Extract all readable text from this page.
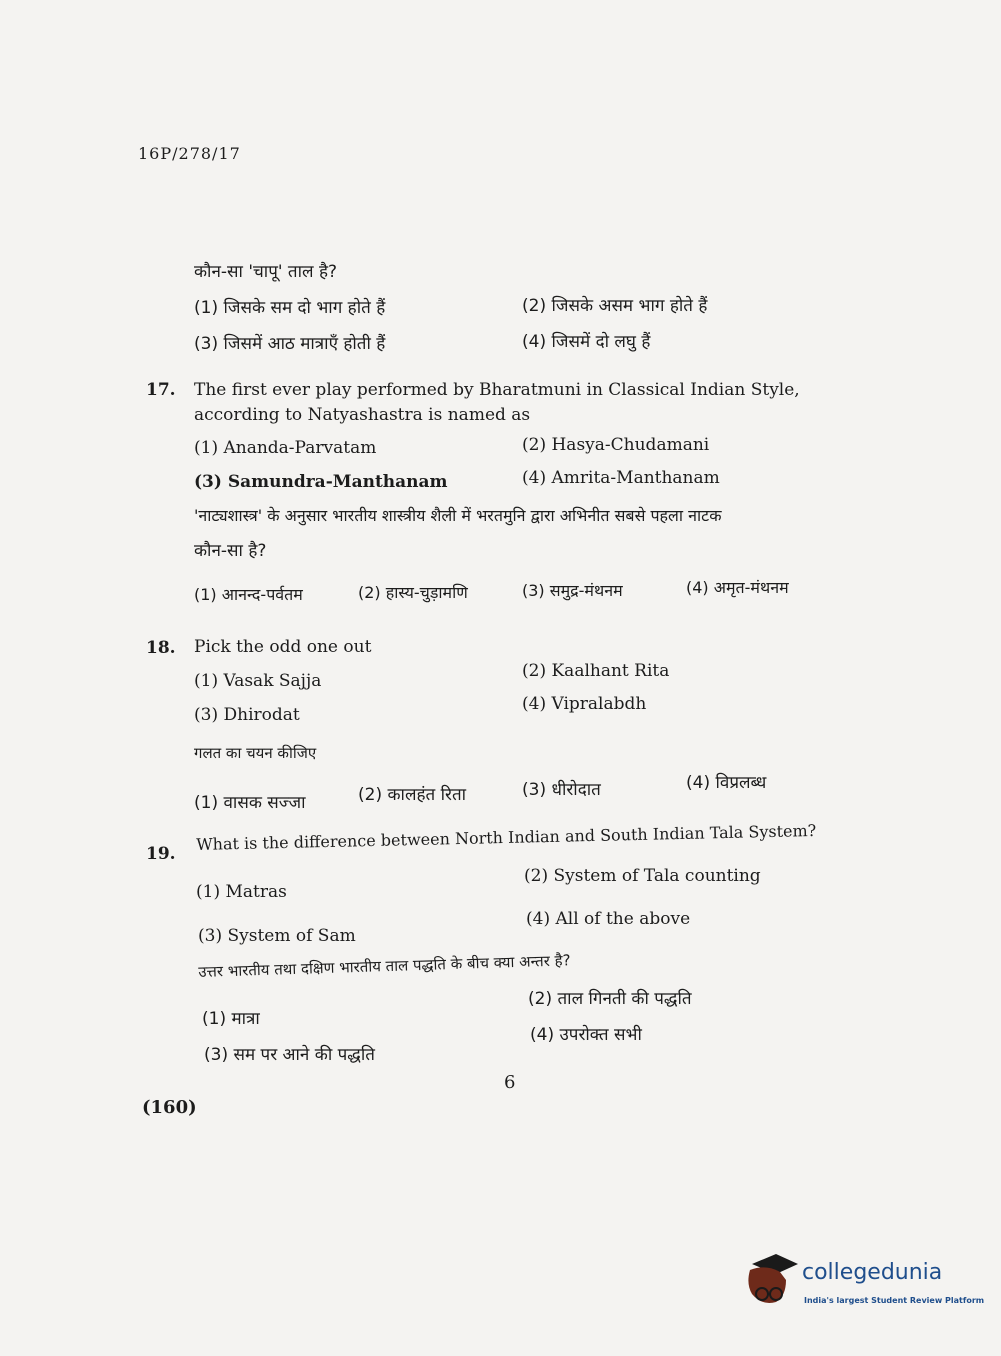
16P/278/17
कौन-सा 'चापू' ताल है?
(1) जिसके सम दो भाग होते हैं	(2) जिसके असम भाग होते हैं
(3) जिसमें आठ मात्राएँ होती हैं	(4) जिसमें दो लघु हैं
17. The first ever play performed by Bharatmuni in Classical Indian Style,
according to Natyashastra is named as
(1) Ananda-Parvatam	(2) Hasya-Chudamani
(3) Samundra-Manthanam	(4) Amrita-Manthanam
'नाट्यशास्त्र' के अनुसार भारतीय शास्त्रीय शैली में भरतमुनि द्वारा अभिनीत सबसे पहला नाटक
कौन-सा है?
(1) आनन्द-पर्वतम	(2) हास्य-चुड़ामणि	(3) समुद्र-मंथनम	(4) अमृत-मंथनम
18. Pick the odd one out
(1) Vasak Sajja	(2) Kaalhant Rita
(3) Dhirodat
(4) Vipralabdh
गलत का चयन कीजिए
(1) वासक सज्जा	(2) कालहंत रिता	(3) धीरोदात	(4) विप्रलब्ध
19.
What is the difference between North Indian and South Indian Tala System?
(1) Matras
(2) System of Tala counting
(3) System of Sam
(4) All of the above
उत्तर भारतीय तथा दक्षिण भारतीय ताल पद्धति के बीच क्या अन्तर है?
(1) मात्रा
(2) ताल गिनती की पद्धति
(3) सम पर आने की पद्धति
(4) उपरोक्त सभी
6
(160)
collegedunia
India's largest Student Review Platform
